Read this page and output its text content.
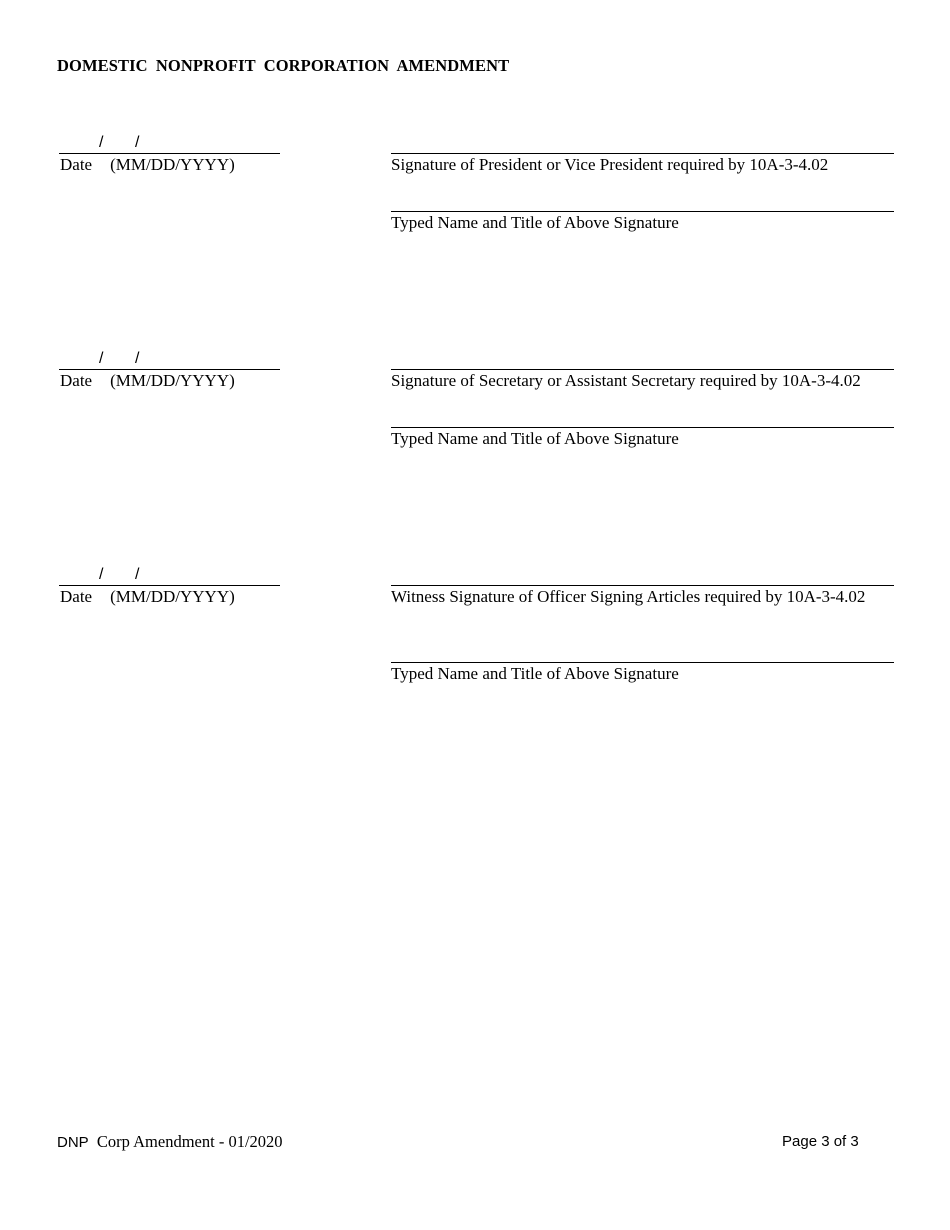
DOMESTIC NONPROFIT CORPORATION AMENDMENT
/ /
Date (MM/DD/YYYY)	Signature of President or Vice President required by 10A-3-4.02
Typed Name and Title of Above Signature
/ /
Date (MM/DD/YYYY)	Signature of Secretary or Assistant Secretary required by 10A-3-4.02
Typed Name and Title of Above Signature
/ /
Date (MM/DD/YYYY)	Witness Signature of Officer Signing Articles required by 10A-3-4.02
Typed Name and Title of Above Signature
DNP Corp Amendment - 01/2020	Page 3 of 3
